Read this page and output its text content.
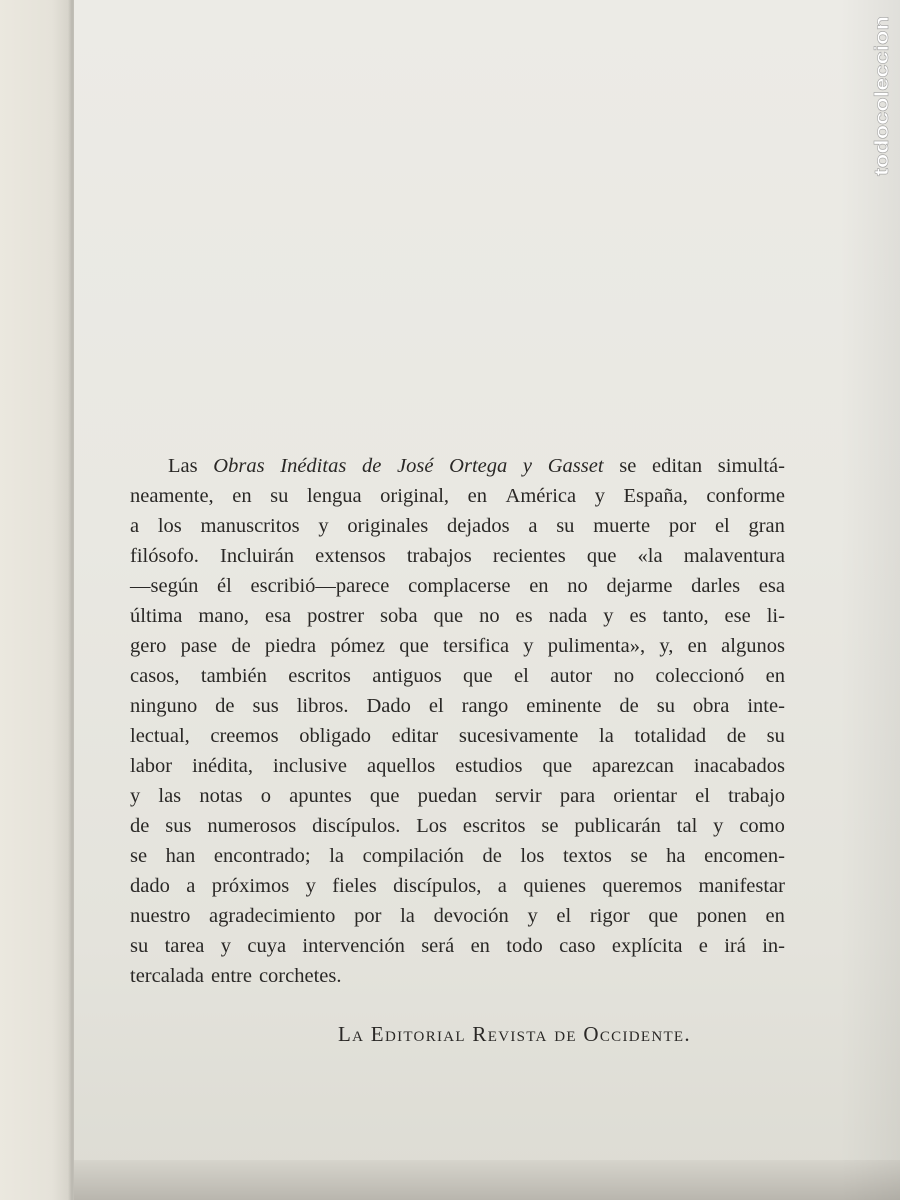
Las Obras Inéditas de José Ortega y Gasset se editan simultá-
neamente, en su lengua original, en América y España, conforme
a los manuscritos y originales dejados a su muerte por el gran
filósofo. Incluirán extensos trabajos recientes que «la malaventura
—según él escribió—parece complacerse en no dejarme darles esa
última mano, esa postrer soba que no es nada y es tanto, ese li-
gero pase de piedra pómez que tersifica y pulimenta», y, en algunos
casos, también escritos antiguos que el autor no coleccionó en
ninguno de sus libros. Dado el rango eminente de su obra inte-
lectual, creemos obligado editar sucesivamente la totalidad de su
labor inédita, inclusive aquellos estudios que aparezcan inacabados
y las notas o apuntes que puedan servir para orientar el trabajo
de sus numerosos discípulos. Los escritos se publicarán tal y como
se han encontrado; la compilación de los textos se ha encomen-
dado a próximos y fieles discípulos, a quienes queremos manifestar
nuestro agradecimiento por la devoción y el rigor que ponen en
su tarea y cuya intervención será en todo caso explícita e irá in-
tercalada entre corchetes.
La Editorial Revista de Occidente.
todocoleccion
